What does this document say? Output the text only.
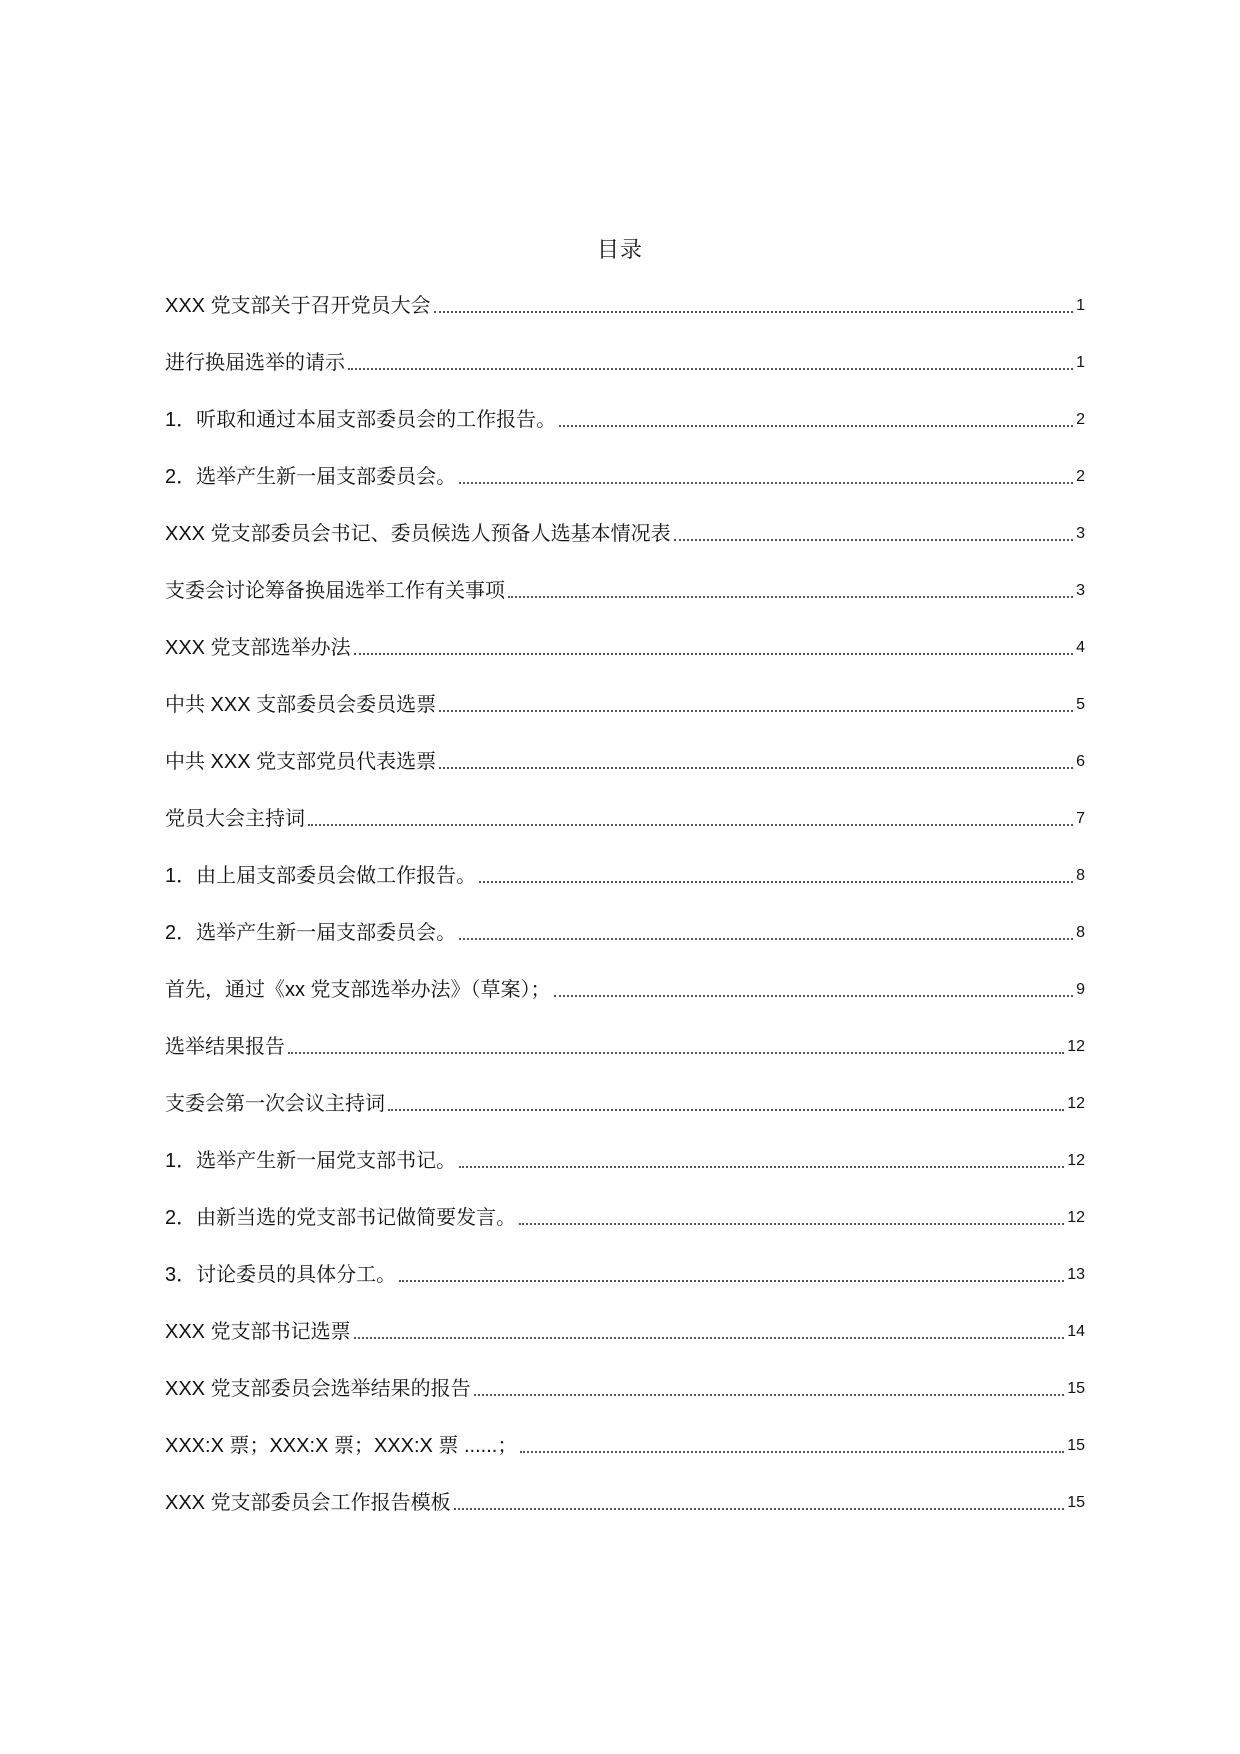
目录
XXX 党支部关于召开党员大会	1
进行换届选举的请示	1
1．听取和通过本届支部委员会的工作报告。	2
2．选举产生新一届支部委员会。	2
XXX 党支部委员会书记、委员候选人预备人选基本情况表	3
支委会讨论筹备换届选举工作有关事项	3
XXX 党支部选举办法	4
中共 XXX 支部委员会委员选票	5
中共 XXX 党支部党员代表选票	6
党员大会主持词	7
1．由上届支部委员会做工作报告。	8
2．选举产生新一届支部委员会。	8
首先，通过《xx 党支部选举办法》（草案）；	9
选举结果报告	12
支委会第一次会议主持词	12
1．选举产生新一届党支部书记。	12
2．由新当选的党支部书记做简要发言。	12
3．讨论委员的具体分工。	13
XXX 党支部书记选票	14
XXX 党支部委员会选举结果的报告	15
XXX:X 票；XXX:X 票；XXX:X 票 ......；	15
XXX 党支部委员会工作报告模板	15
